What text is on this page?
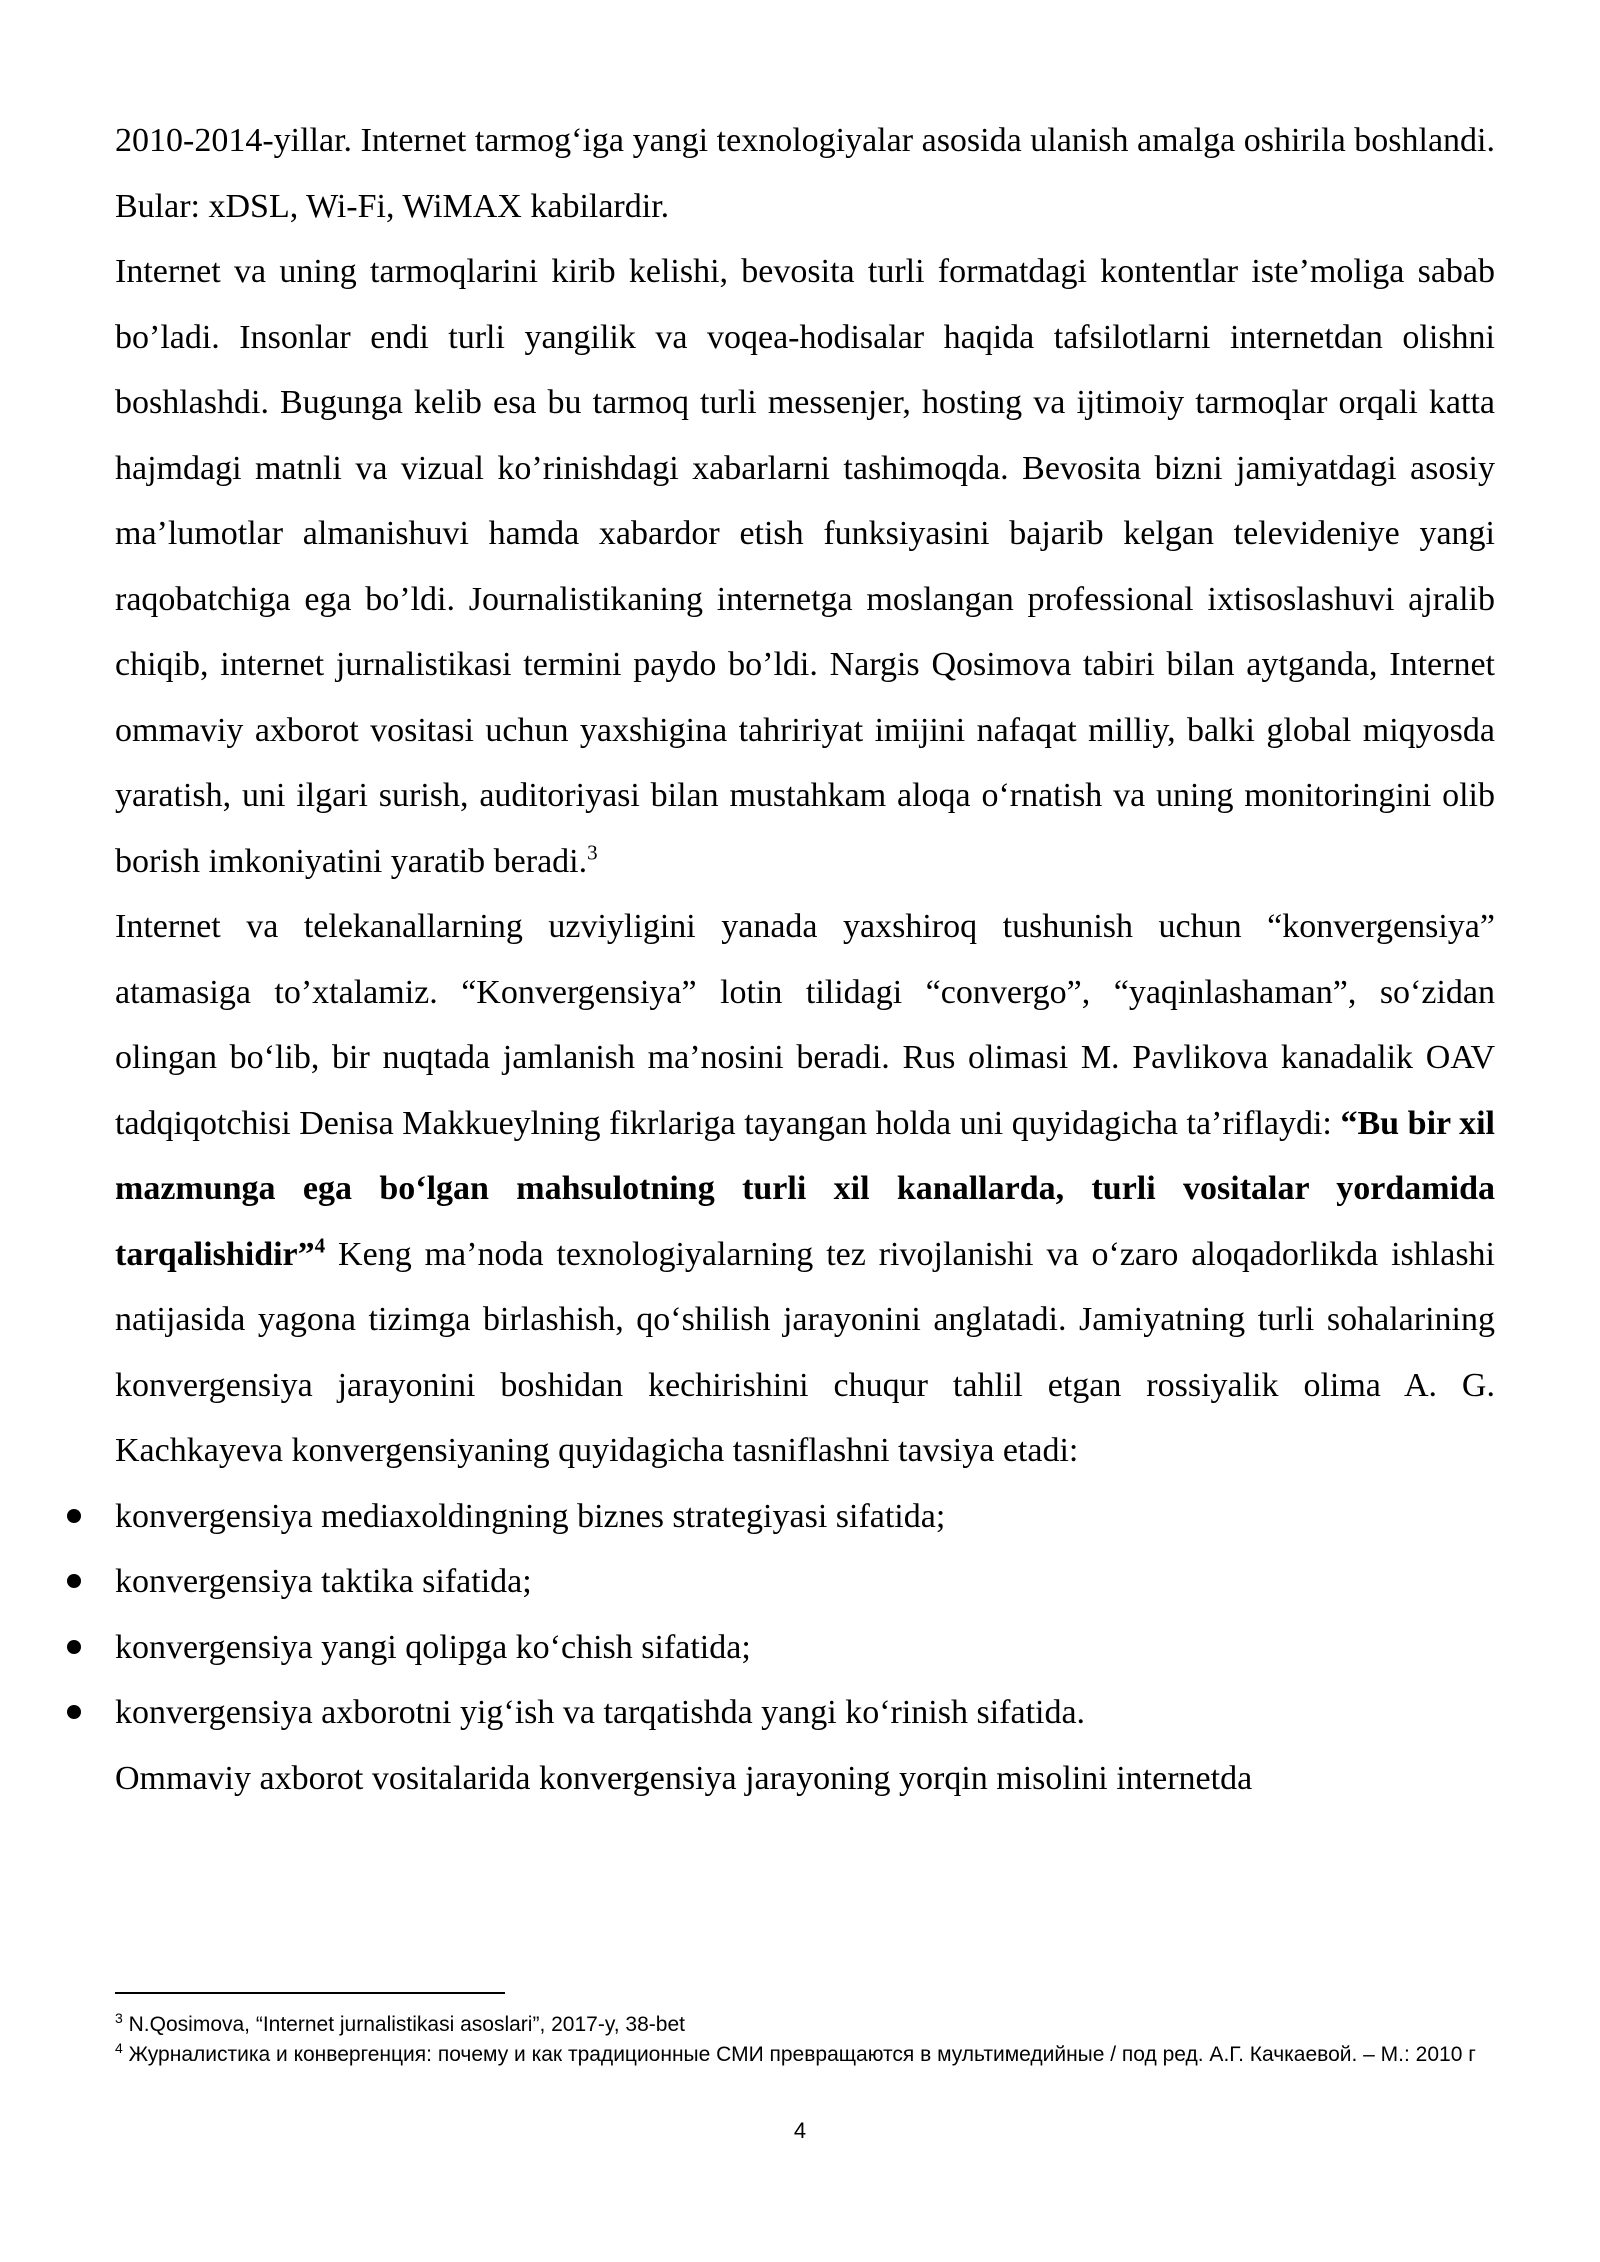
2010-2014-yillar. Internet tarmog‘iga yangi texnologiyalar asosida ulanish amalga oshirila boshlandi. Bular: xDSL, Wi-Fi, WiMAX kabilardir.

Internet va uning tarmoqlarini kirib kelishi, bevosita turli formatdagi kontentlar iste’moliga sabab bo’ladi. Insonlar endi turli yangilik va voqea-hodisalar haqida tafsilotlarni internetdan olishni boshlashdi. Bugunga kelib esa bu tarmoq turli messenjer, hosting va ijtimoiy tarmoqlar orqali katta hajmdagi matnli va vizual ko’rinishdagi xabarlarni tashimoqda. Bevosita bizni jamiyatdagi asosiy ma’lumotlar almanishuvi hamda xabardor etish funksiyasini bajarib kelgan televideniye yangi raqobatchiga ega bo’ldi. Journalistikaning internetga moslangan professional ixtisoslashuvi ajralib chiqib, internet jurnalistikasi termini paydo bo’ldi. Nargis Qosimova tabiri bilan aytganda, Internet ommaviy axborot vositasi uchun yaxshigina tahririyat imijini nafaqat milliy, balki global miqyosda yaratish, uni ilgari surish, auditoriyasi bilan mustahkam aloqa o‘rnatish va uning monitoringini olib borish imkoniyatini yaratib beradi.$^3$

Internet va telekanallarning uzviyligini yanada yaxshiroq tushunish uchun “konvergensiya” atamasiga to’xtalamiz. “Konvergensiya” lotin tilidagi “convergo”, “yaqinlashaman”, so‘zidan olingan bo‘lib, bir nuqtada jamlanish ma’nosini beradi. Rus olimasi M. Pavlikova kanadalik OAV tadqiqotchisi Denisa Makkueylning fikrlariga tayangan holda uni quyidagicha ta’riflaydi: “Bu bir xil mazmunga ega bo‘lgan mahsulotning turli xil kanallarda, turli vositalar yordamida tarqalishidir”$^4$ Keng ma’noda texnologiyalarning tez rivojlanishi va o‘zaro aloqadorlikda ishlashi natijasida yagona tizimga birlashish, qo‘shilish jarayonini anglatadi. Jamiyatning turli sohalarining konvergensiya jarayonini boshidan kechirishini chuqur tahlil etgan rossiyalik olima A. G. Kachkayeva konvergensiyaning quyidagicha tasniflashni tavsiya etadi:

konvergensiya mediaxoldingning biznes strategiyasi sifatida;
konvergensiya taktika sifatida;
konvergensiya yangi qolipga ko‘chish sifatida;
konvergensiya axborotni yig‘ish va tarqatishda yangi ko‘rinish sifatida.

Ommaviy axborot vositalarida konvergensiya jarayoning yorqin misolini internetda

$^3$ N.Qosimova, “Internet jurnalistikasi asoslari”, 2017-y, 38-bet

$^4$ Журналистика и конвергенция: почему и как традиционные СМИ превращаются в мультимедийные / под ред. А.Г. Качкаевой. – М.: 2010 г

4
